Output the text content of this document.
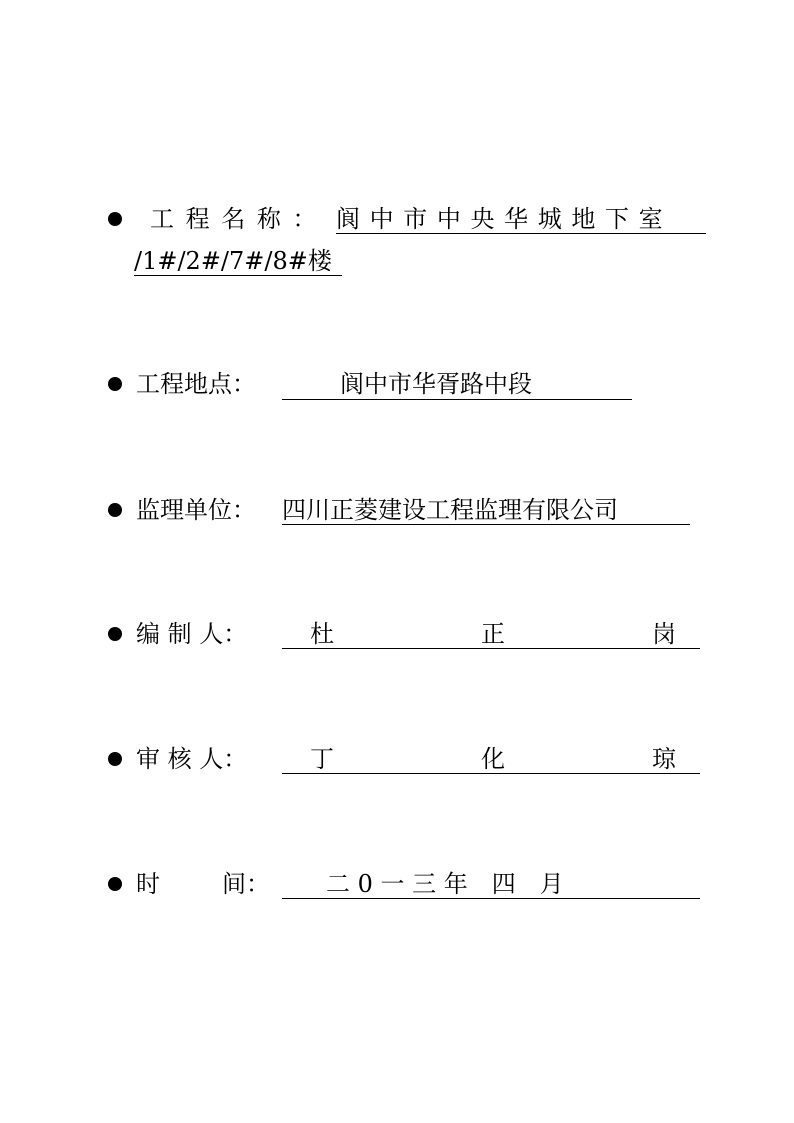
工 程 名 称 ： 阆 中 市 中 央 华 城 地 下 室
/1#/2#/7#/8#楼
工程地点：	阆中市华胥路中段
监理单位： 四川正菱建设工程监理有限公司
编 制 人：	杜	正	岗
审 核 人：	丁	化	琼
时	间： 二 0 一 三 年　四　月
